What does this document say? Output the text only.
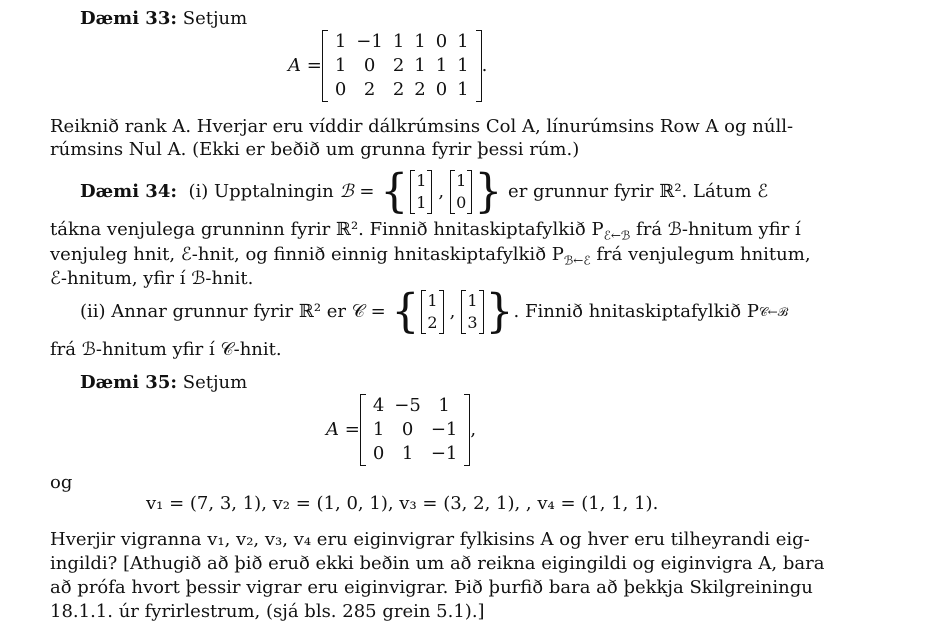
Dæmi 33: Setjum
A =
1	−1	1	1	0	1
1	0	2	1	1	1
0	2	2	2	0	1
.
Reiknið rank A. Hverjar eru víddir dálkrúmsins Col A, línurúmsins Row A og núll-
rúmsins Nul A. (Ekki er beðið um grunna fyrir þessi rúm.)
Dæmi 34:
(i) Upptalningin
ℬ
=
{ 1
1
,
1
0 }
er grunnur fyrir ℝ². Látum ℰ
tákna venjulega grunninn fyrir ℝ². Finnið hnitaskiptafylkið $P_{ℰ\leftarrow ℬ}$ frá ℬ-hnitum yfir í
venjuleg hnit, ℰ-hnit, og finnið einnig hnitaskiptafylkið $P_{ℬ\leftarrow ℰ}$ frá venjulegum hnitum,
ℰ-hnitum, yfir í ℬ-hnit.
(ii) Annar grunnur fyrir ℝ² er 𝒞 =
{ 1
2
,
1
3 } . Finnið hnitaskiptafylkið P 𝒞←ℬ
frá ℬ-hnitum yfir í 𝒞-hnit.
Dæmi 35: Setjum
A =
4	−5	1
1	0	−1
0	1	−1
,
og
v₁ = (7, 3, 1), v₂ = (1, 0, 1), v₃ = (3, 2, 1), , v₄ = (1, 1, 1).
Hverjir vigranna v₁, v₂, v₃, v₄ eru eiginvigrar fylkisins A og hver eru tilheyrandi eig-
ingildi? [Athugið að þið eruð ekki beðin um að reikna eigingildi og eiginvigra A, bara
að prófa hvort þessir vigrar eru eiginvigrar. Þið þurfið bara að þekkja Skilgreiningu
18.1.1. úr fyrirlestrum, (sjá bls. 285 grein 5.1).]
